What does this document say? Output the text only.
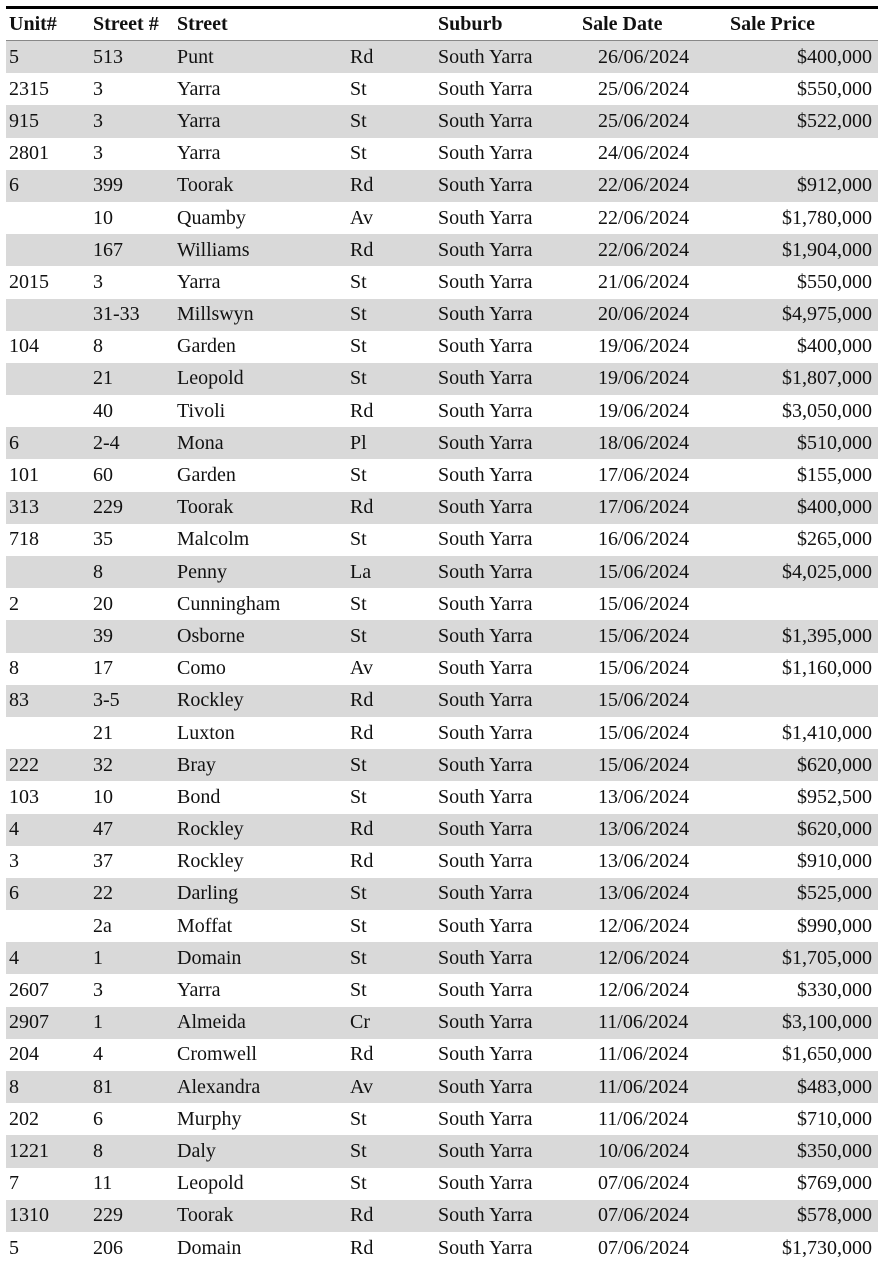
Unit#	Street #	Street		Suburb	Sale Date	Sale Price
5	513	Punt	Rd	South Yarra	26/06/2024	$400,000
2315	3	Yarra	St	South Yarra	25/06/2024	$550,000
915	3	Yarra	St	South Yarra	25/06/2024	$522,000
2801	3	Yarra	St	South Yarra	24/06/2024	
6	399	Toorak	Rd	South Yarra	22/06/2024	$912,000
	10	Quamby	Av	South Yarra	22/06/2024	$1,780,000
	167	Williams	Rd	South Yarra	22/06/2024	$1,904,000
2015	3	Yarra	St	South Yarra	21/06/2024	$550,000
	31-33	Millswyn	St	South Yarra	20/06/2024	$4,975,000
104	8	Garden	St	South Yarra	19/06/2024	$400,000
	21	Leopold	St	South Yarra	19/06/2024	$1,807,000
	40	Tivoli	Rd	South Yarra	19/06/2024	$3,050,000
6	2-4	Mona	Pl	South Yarra	18/06/2024	$510,000
101	60	Garden	St	South Yarra	17/06/2024	$155,000
313	229	Toorak	Rd	South Yarra	17/06/2024	$400,000
718	35	Malcolm	St	South Yarra	16/06/2024	$265,000
	8	Penny	La	South Yarra	15/06/2024	$4,025,000
2	20	Cunningham	St	South Yarra	15/06/2024	
	39	Osborne	St	South Yarra	15/06/2024	$1,395,000
8	17	Como	Av	South Yarra	15/06/2024	$1,160,000
83	3-5	Rockley	Rd	South Yarra	15/06/2024	
	21	Luxton	Rd	South Yarra	15/06/2024	$1,410,000
222	32	Bray	St	South Yarra	15/06/2024	$620,000
103	10	Bond	St	South Yarra	13/06/2024	$952,500
4	47	Rockley	Rd	South Yarra	13/06/2024	$620,000
3	37	Rockley	Rd	South Yarra	13/06/2024	$910,000
6	22	Darling	St	South Yarra	13/06/2024	$525,000
	2a	Moffat	St	South Yarra	12/06/2024	$990,000
4	1	Domain	St	South Yarra	12/06/2024	$1,705,000
2607	3	Yarra	St	South Yarra	12/06/2024	$330,000
2907	1	Almeida	Cr	South Yarra	11/06/2024	$3,100,000
204	4	Cromwell	Rd	South Yarra	11/06/2024	$1,650,000
8	81	Alexandra	Av	South Yarra	11/06/2024	$483,000
202	6	Murphy	St	South Yarra	11/06/2024	$710,000
1221	8	Daly	St	South Yarra	10/06/2024	$350,000
7	11	Leopold	St	South Yarra	07/06/2024	$769,000
1310	229	Toorak	Rd	South Yarra	07/06/2024	$578,000
5	206	Domain	Rd	South Yarra	07/06/2024	$1,730,000
